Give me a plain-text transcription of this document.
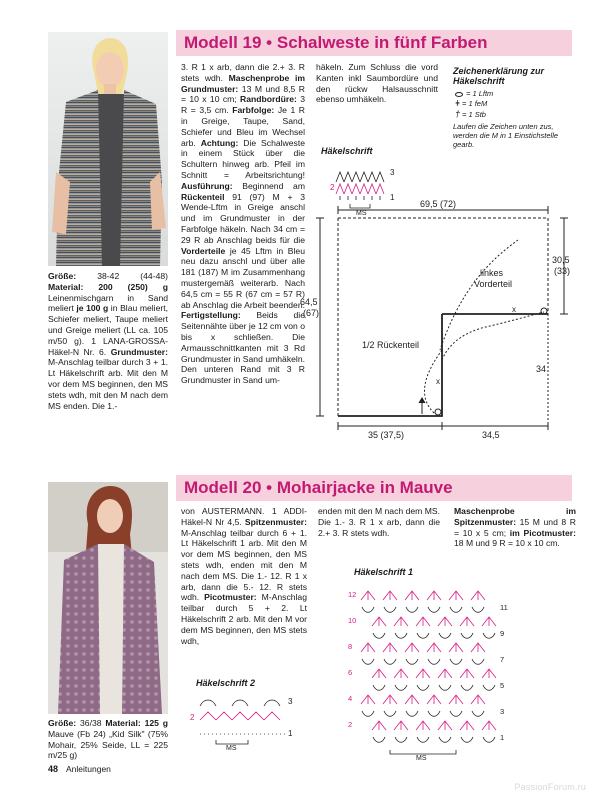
Modell 19 • Schalweste in fünf Farben

Größe: 38-42 (44-48) Material: 200 (250) g Leinenmischgarn in Sand meliert je 100 g in Blau meliert, Schiefer meliert, Taupe meliert und Greige meliert (LL ca. 105 m/50 g). 1 LANA-GROSSA-Häkel-N Nr. 6. Grundmuster: M-Anschlag teilbar durch 3 + 1. Lt Häkelschrift arb. Mit den M vor dem MS beginnen, den MS stets wdh, mit den M nach dem MS enden. Die 1.-

3. R 1 x arb, dann die 2.+ 3. R stets wdh. Maschenprobe im Grundmuster: 13 M und 8,5 R = 10 x 10 cm; Randbordüre: 3 R = 3,5 cm. Farbfolge: Je 1 R in Greige, Taupe, Sand, Schiefer und Bleu im Wechsel arb. Achtung: Die Schalweste in einem Stück über die Schultern hinweg arb. Pfeil im Schnitt = Arbeitsrichtung! Ausführung: Beginnend am Rückenteil 91 (97) M + 3 Wende-Lftm in Greige anschl und im Grundmuster in der Farbfolge häkeln. Nach 34 cm = 29 R ab Anschlag beids für die Vorderteile je 45 Lftm in Bleu neu dazu anschl und über alle 181 (187) M im Zusammenhang mustergemäß weiterarb. Nach 64,5 cm = 55 R (67 cm = 57 R) ab Anschlag die Arbeit beenden. Fertigstellung: Beids die Seitennähte über je 12 cm von o bis x schließen. Die Armausschnittkanten mit 3 Rd Grundmuster in Sand umhäkeln. Den unteren Rand mit 3 R Grundmuster in Sand um-

häkeln. Zum Schluss die vord Kanten inkl Saumbordüre und den rückw Halsausschnitt ebenso umhäkeln.

Zeichenerklärung zur Häkelschrift
= 1 Lftm
ǂ = 1 feM
† = 1 Stb
Laufen die Zeichen unten zus, werden die M in 1 Einstichstelle gearb.
Häkelschrift
3
2
1
MS
69,5 (72)
64,5
(67)
30,5
(33)
35 (37,5)	34,5
34
linkes
Vorderteil
1/2 Rückenteil
x
x
Modell 20 • Mohairjacke in Mauve

Größe: 36/38 Material: 125 g Mauve (Fb 24) „Kid Silk" (75% Mohair, 25% Seide, LL = 225 m/25 g)

von AUSTERMANN. 1 ADDI-Häkel-N Nr 4,5. Spitzenmuster: M-Anschlag teilbar durch 6 + 1. Lt Häkelschrift 1 arb. Mit den M vor dem MS beginnen, den MS stets wdh, enden mit den M nach dem MS. Die 1.- 12. R 1 x arb, dann die 5.- 12. R stets wdh. Picotmuster: M-Anschlag teilbar durch 5 + 2. Lt Häkelschrift 2 arb. Mit den M vor dem MS beginnen, den MS stets wdh,

enden mit den M nach dem MS. Die 1.- 3. R 1 x arb, dann die 2.+ 3. R stets wdh.

Maschenprobe im Spitzenmuster: 15 M und 8 R = 10 x 5 cm; im Picotmuster: 18 M und 9 R = 10 x 10 cm.

Häkelschrift 2
3
2
1
MS
Häkelschrift 1
12
10
8
6
4
2
11
9
7
5
3
1
MS
48 Anleitungen
PassionForum.ru
